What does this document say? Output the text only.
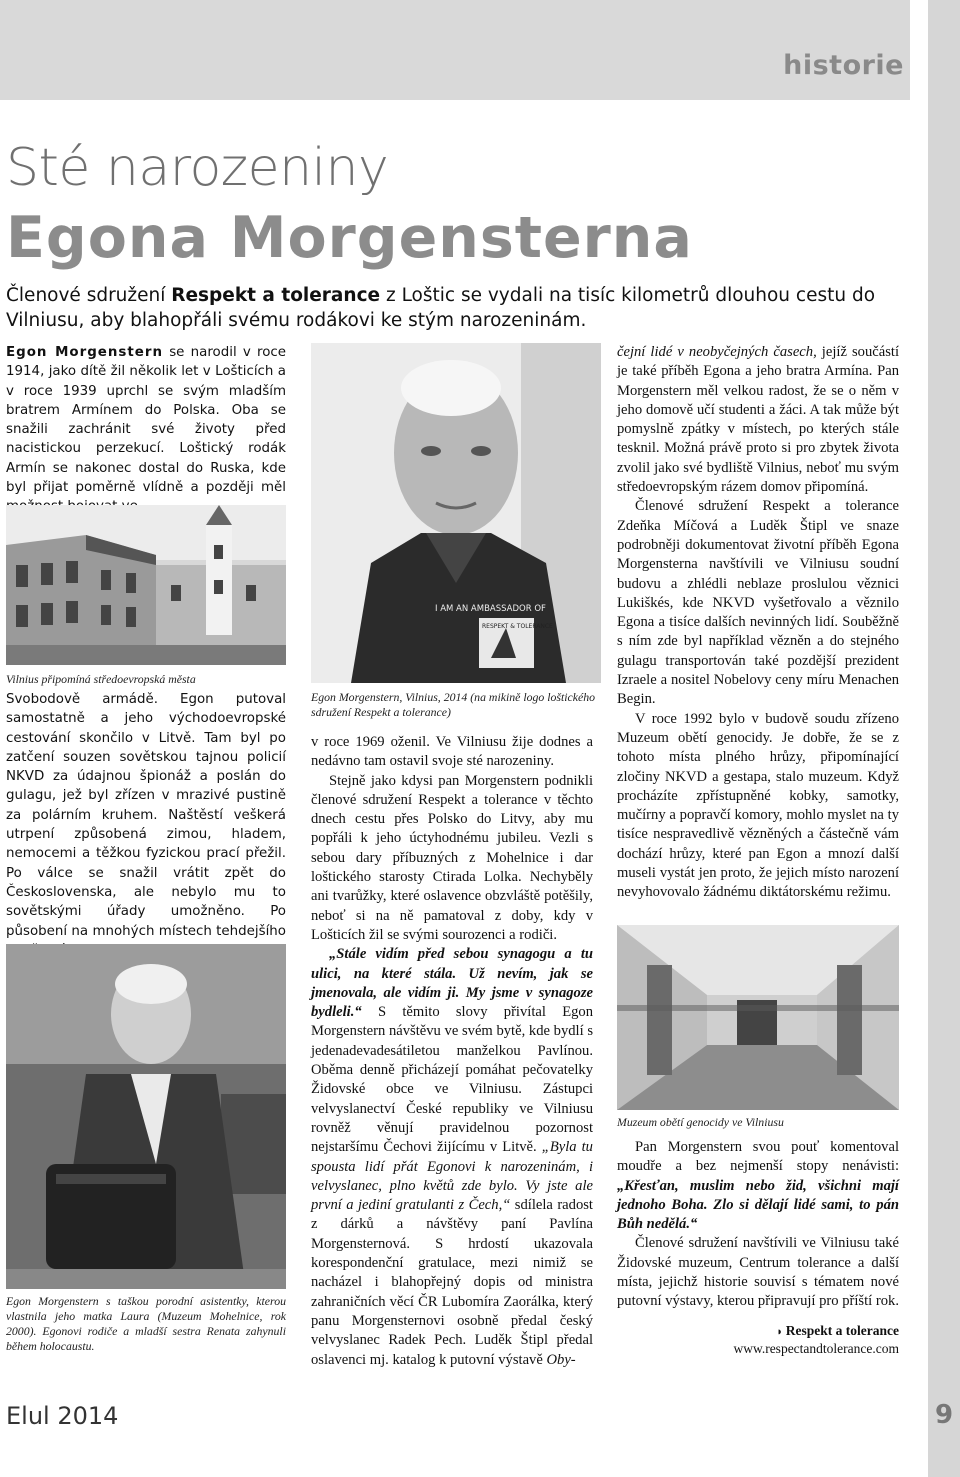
historie
Sté narozeniny
Egona Morgensterna
Členové sdružení Respekt a tolerance z Loštic se vydali na tisíc kilometrů dlouhou cestu do Vilniusu, aby blahopřáli svému rodákovi ke stým narozeninám.

Egon Morgenstern se narodil v roce 1914, jako dítě žil několik let v Lošticích a v roce 1939 uprchl se svým mladším bratrem Armínem do Polska. Oba se snažili zachránit své životy před nacistickou perzekucí. Loštický rodák Armín se nakonec dostal do Ruska, kde byl přijat poměrně vlídně a později měl

Vilnius připomíná středoevropská města

Svobodově armádě. Egon putoval samostatně a jeho východoevropské cestování skončilo v Litvě. Tam byl po zatčení souzen sovětskou tajnou policií NKVD za údajnou špionáž a poslán do gulagu, jež byl zřízen v mrazivé pustině za polárním kruhem. Naštěstí veškerá utrpení způsobená zimou, hladem, nemocemi a těžkou fyzickou prací přežil. Po válce se snažil vrátit zpět do Československa, ale nebylo mu to sovětskými úřady umožněno. Po působení na mnohých místech tehdejšího

Egon Morgenstern s taškou porodní asistentky, kterou vlastnila jeho matka Laura (Muzeum Mohelnice, rok 2000). Egonovi rodiče a mladší sestra Renata zahynuli během holocaustu.
I AM AN AMBASSADOR OF
RESPEKT & TOLERANCE
Egon Morgenstern, Vilnius, 2014 (na mikině logo loštického sdružení Respekt a tolerance)

v roce 1969 oženil. Ve Vilniusu žije dodnes a nedávno tam ostavil svoje sté narozeniny.

Stejně jako kdysi pan Morgenstern podnikli členové sdružení Respekt a tolerance v těchto dnech cestu přes Polsko do Litvy, aby mu popřáli k jeho úctyhodnému jubileu. Vezli s sebou dary příbuzných z Mohelnice i dar loštického starosty Ctirada Lolka. Nechyběly ani tvarůžky, které oslavence obzvláště potěšily, neboť si na ně pamatoval z doby, kdy v Lošticích žil se svými sourozenci a rodiči.

„Stále vidím před sebou synagogu a tu ulici, na které stála. Už nevím, jak se jmenovala, ale vidím ji. My jsme v synagoze bydleli.“ S těmito slovy přivítal Egon Morgenstern návštěvu ve svém bytě, kde bydlí s jedenadevadesátiletou manželkou Pavlínou. Oběma denně přicházejí pomáhat pečovatelky Židovské obce ve Vilniusu. Zástupci velvyslanectví České republiky ve Vilniusu rovněž věnují pravidelnou pozornost nejstaršímu Čechovi žijícímu v Litvě. „Byla tu spousta lidí přát Egonovi k narozeninám, i velvyslanec, plno květů zde bylo. Vy jste ale první a jediní gratulanti z Čech,“ sdílela radost z dárků a návštěvy paní Pavlína Morgensternová. S hrdostí ukazovala korespondenční gratulace, mezi nimiž se nacházel i blahopřejný dopis od ministra zahraničních věcí ČR Lubomíra Zaorálka, který panu Morgensternovi osobně předal český velvyslanec Radek Pech. Luděk Štipl předal oslavenci mj. katalog k putovní výstavě Oby-

čejní lidé v neobyčejných časech, jejíž součástí je také příběh Egona a jeho bratra Armína. Pan Morgenstern měl velkou radost, že se o něm v jeho domově učí studenti a žáci. A tak může být pomyslně zpátky v místech, po kterých stále tesknil. Možná právě proto si pro zbytek života zvolil jako své bydliště Vilnius, neboť mu svým středoevropským rázem domov připomíná.

Členové sdružení Respekt a tolerance Zdeňka Míčová a Luděk Štipl ve snaze podrobněji dokumentovat životní příběh Egona Morgensterna navštívili ve Vilniusu soudní budovu a zhlédli neblaze proslulou věznici Lukiškés, kde NKVD vyšetřovalo a věznilo Egona a tisíce dalších nevinných lidí. Souběžně s ním zde byl například vězněn a do stejného gulagu transportován také pozdější prezident Izraele a nositel Nobelovy ceny míru Menachen Begin.

V roce 1992 bylo v budově soudu zřízeno Muzeum obětí genocidy. Je dobře, že se z tohoto místa plného hrůzy, připomínající zločiny NKVD a gestapa, stalo muzeum. Když procházíte zpřístupněné kobky, samotky, mučírny a popravčí komory, mohlo myslet na ty tisíce nespravedlivě vězněných a částečně vám dochází hrůzy, které pan Egon a mnozí další museli vystát jen proto, že jejich místo narození nevyhovovalo žádnému diktátorskému režimu.

Muzeum obětí genocidy ve Vilniusu

Pan Morgenstern svou pouť komentoval moudře a bez nejmenší stopy nenávisti: „Křesťan, muslim nebo žid, všichni mají jednoho Boha. Zlo si dělají lidé sami, to pán Bůh nedělá.“

Členové sdružení navštívili ve Vilniusu také Židovské muzeum, Centrum tolerance a další místa, jejichž historie souvisí s tématem nové putovní výstavy, kterou připravují pro příští rok.

◗ Respekt a tolerance
www.respectandtolerance.com
Elul 2014	9
